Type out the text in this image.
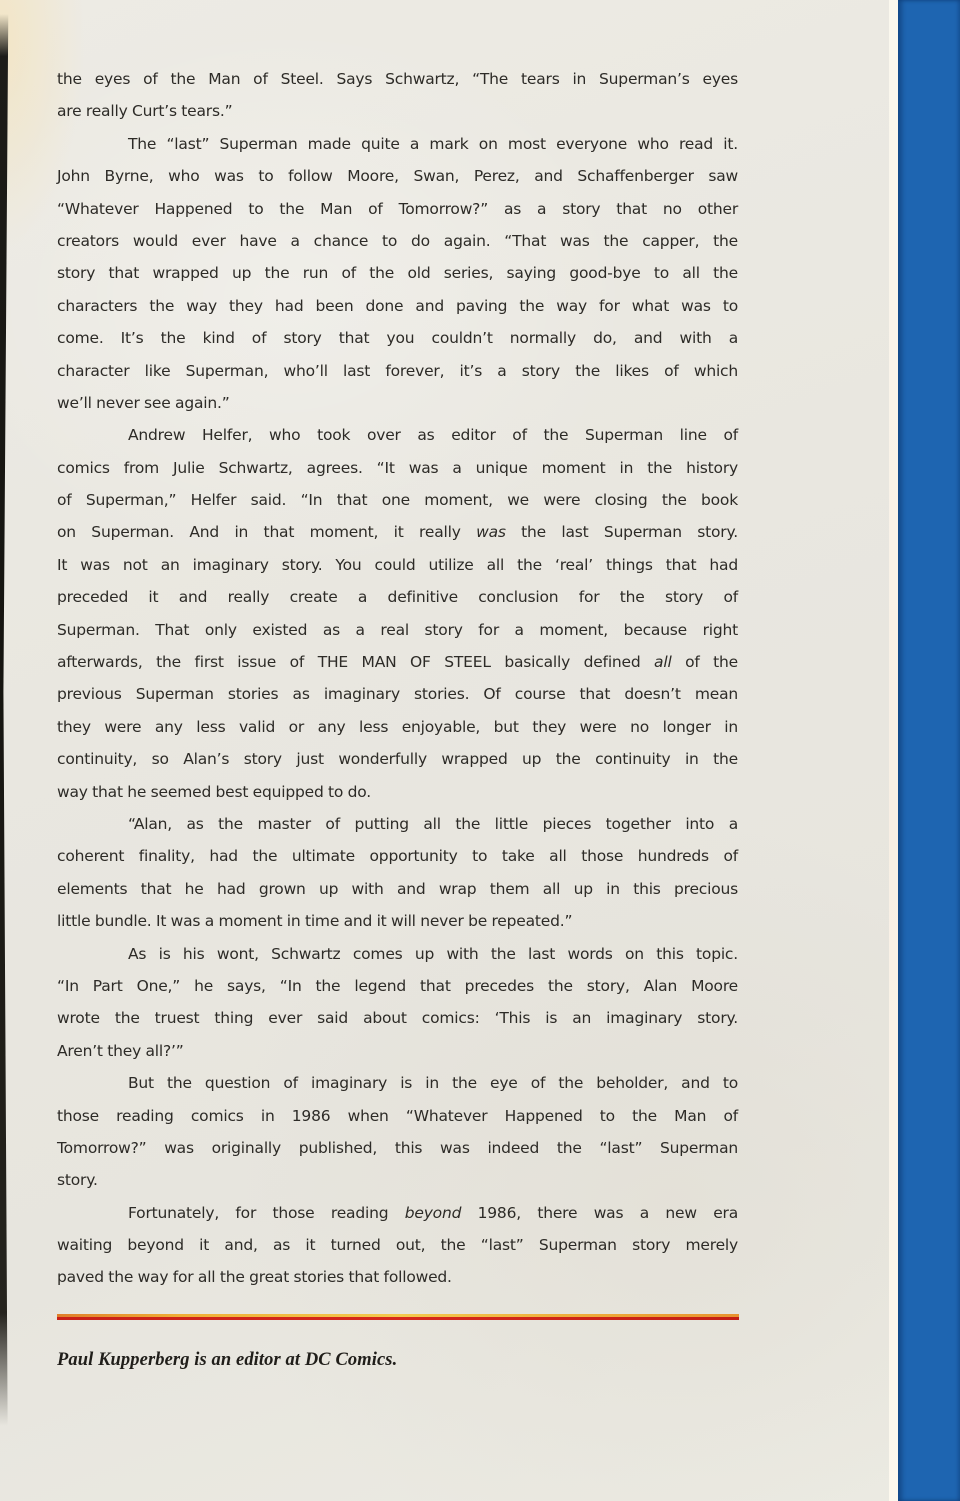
the eyes of the Man of Steel. Says Schwartz, “The tears in Superman’s eyes
are really Curt’s tears.”
The “last” Superman made quite a mark on most everyone who read it.
John Byrne, who was to follow Moore, Swan, Perez, and Schaffenberger saw
“Whatever Happened to the Man of Tomorrow?” as a story that no other
creators would ever have a chance to do again. “That was the capper, the
story that wrapped up the run of the old series, saying good-bye to all the
characters the way they had been done and paving the way for what was to
come. It’s the kind of story that you couldn’t normally do, and with a
character like Superman, who’ll last forever, it’s a story the likes of which
we’ll never see again.”
Andrew Helfer, who took over as editor of the Superman line of
comics from Julie Schwartz, agrees. “It was a unique moment in the history
of Superman,” Helfer said. “In that one moment, we were closing the book
on Superman. And in that moment, it really was the last Superman story.
It was not an imaginary story. You could utilize all the ‘real’ things that had
preceded it and really create a definitive conclusion for the story of
Superman. That only existed as a real story for a moment, because right
afterwards, the first issue of THE MAN OF STEEL basically defined all of the
previous Superman stories as imaginary stories. Of course that doesn’t mean
they were any less valid or any less enjoyable, but they were no longer in
continuity, so Alan’s story just wonderfully wrapped up the continuity in the
way that he seemed best equipped to do.
“Alan, as the master of putting all the little pieces together into a
coherent finality, had the ultimate opportunity to take all those hundreds of
elements that he had grown up with and wrap them all up in this precious
little bundle. It was a moment in time and it will never be repeated.”
As is his wont, Schwartz comes up with the last words on this topic.
“In Part One,” he says, “In the legend that precedes the story, Alan Moore
wrote the truest thing ever said about comics: ‘This is an imaginary story.
Aren’t they all?’”
But the question of imaginary is in the eye of the beholder, and to
those reading comics in 1986 when “Whatever Happened to the Man of
Tomorrow?” was originally published, this was indeed the “last” Superman
story.
Fortunately, for those reading beyond 1986, there was a new era
waiting beyond it and, as it turned out, the “last” Superman story merely
paved the way for all the great stories that followed.
Paul Kupperberg is an editor at DC Comics.
